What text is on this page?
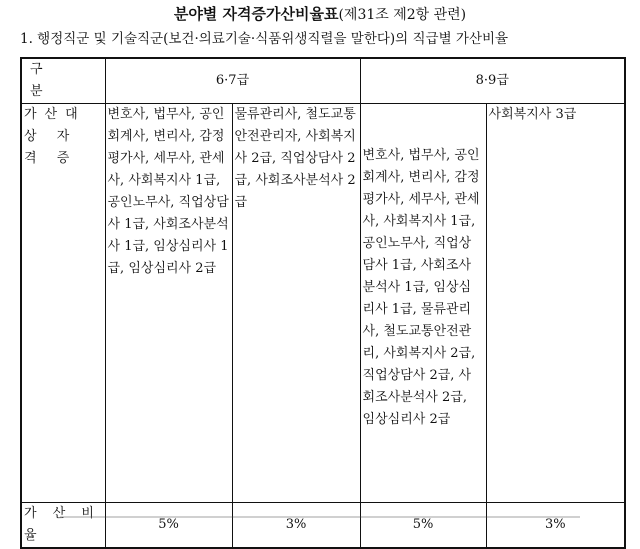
분야별 자격증가산비율표(제31조 제2항 관련)
1. 행정직군 및 기술직군(보건·의료기술·식품위생직렬을 말한다)의 직급별 가산비율
구 분	6·7급		8·9급	
가산대상 자 격 증	변호사, 법무사, 공인회계사, 변리사, 감정평가사, 세무사, 관세사, 사회복지사 1급, 공인노무사, 직업상담사 1급, 사회조사분석사 1급, 임상심리사 1급, 임상심리사 2급	물류관리사, 철도교통안전관리자, 사회복지사 2급, 직업상담사 2급, 사회조사분석사 2급	변호사, 법무사, 공인회계사, 변리사, 감정평가사, 세무사, 관세사, 사회복지사 1급, 공인노무사, 직업상담사 1급, 사회조사분석사 1급, 임상심리사 1급, 물류관리사, 철도교통안전관리, 사회복지사 2급, 직업상담사 2급, 사회조사분석사 2급, 임상심리사 2급	사회복지사 3급

가 산 비 율	5%	3%	5%	3%
